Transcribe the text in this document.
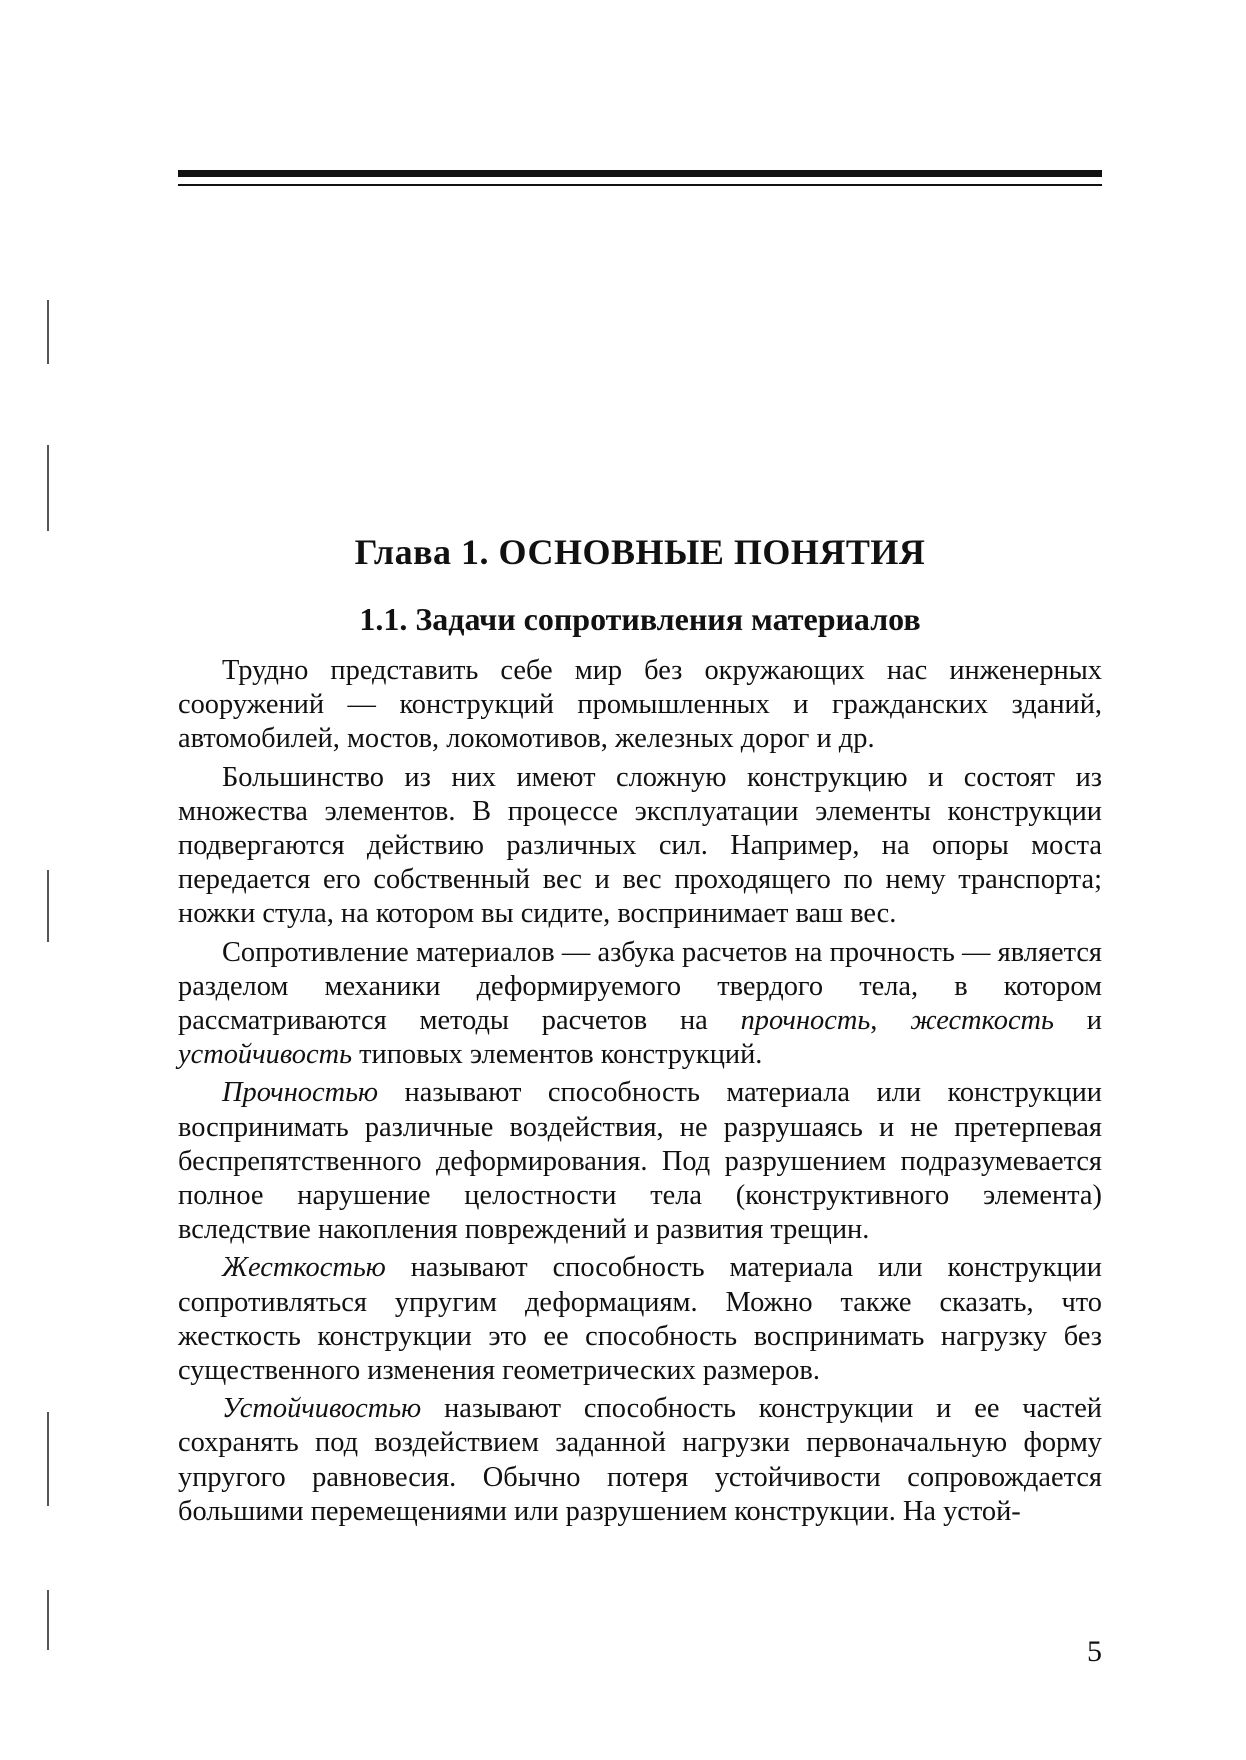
Глава 1. ОСНОВНЫЕ ПОНЯТИЯ
1.1. Задачи сопротивления материалов

Трудно представить себе мир без окружающих нас инженерных сооружений — конструкций промышленных и гражданских зданий, автомобилей, мостов, локомотивов, железных дорог и др.

Большинство из них имеют сложную конструкцию и состоят из множества элементов. В процессе эксплуатации элементы конструкции подвергаются действию различных сил. Например, на опоры моста передается его собственный вес и вес проходящего по нему транспорта; ножки стула, на котором вы сидите, воспринимает ваш вес.

Сопротивление материалов — азбука расчетов на прочность — является разделом механики деформируемого твердого тела, в котором рассматриваются методы расчетов на прочность, жесткость и устойчивость типовых элементов конструкций.

Прочностью называют способность материала или конструкции воспринимать различные воздействия, не разрушаясь и не претерпевая беспрепятственного деформирования. Под разрушением подразумевается полное нарушение целостности тела (конструктивного элемента) вследствие накопления повреждений и развития трещин.

Жесткостью называют способность материала или конструкции сопротивляться упругим деформациям. Можно также сказать, что жесткость конструкции это ее способность воспринимать нагрузку без существенного изменения геометрических размеров.

Устойчивостью называют способность конструкции и ее частей сохранять под воздействием заданной нагрузки первоначальную форму упругого равновесия. Обычно потеря устойчивости сопровождается большими перемещениями или разрушением конструкции. На устой-

5
